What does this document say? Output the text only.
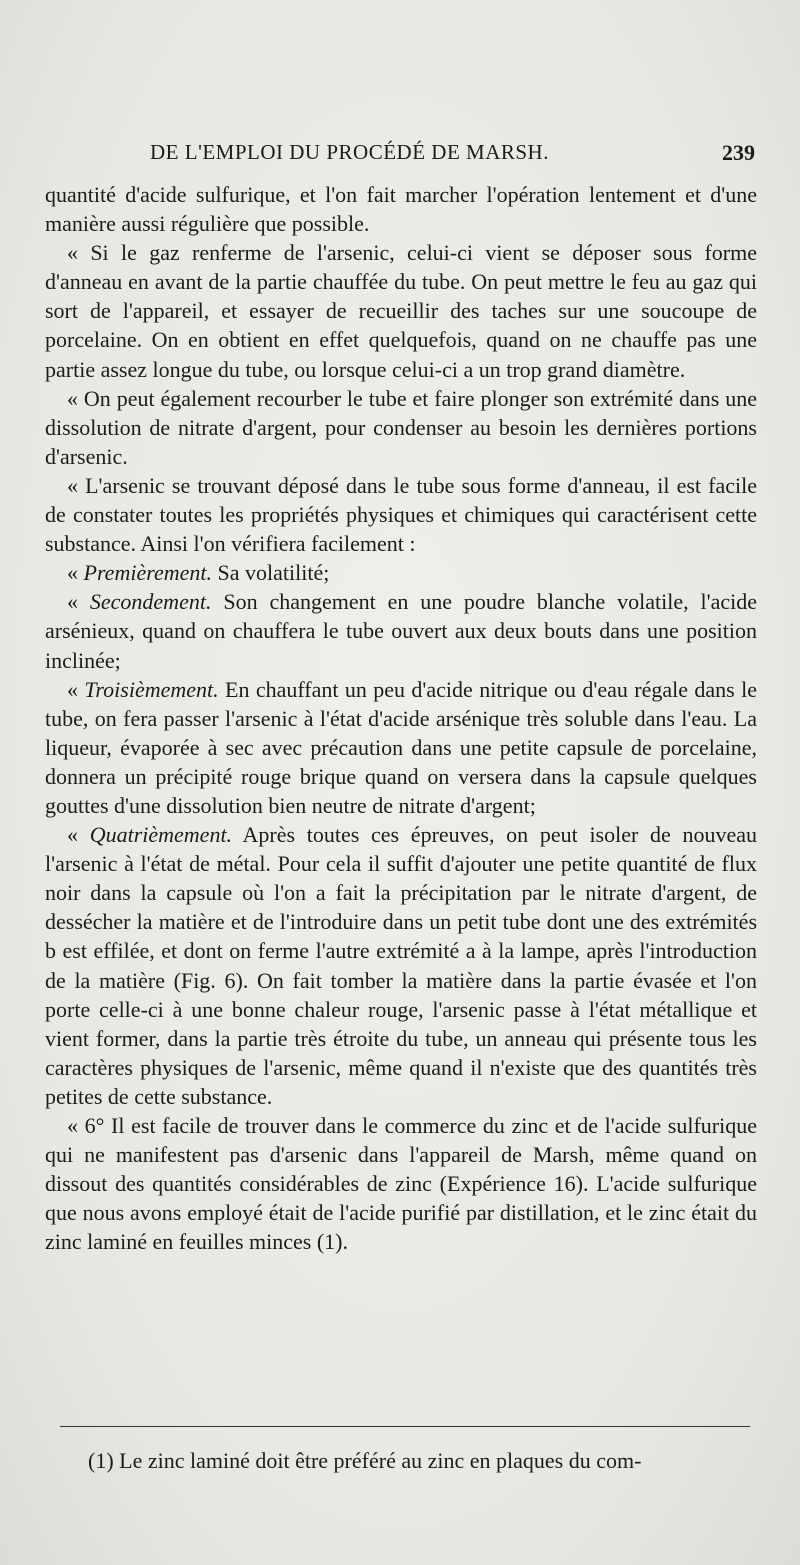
DE L'EMPLOI DU PROCÉDÉ DE MARSH.	239

quantité d'acide sulfurique, et l'on fait marcher l'opération lentement et d'une manière aussi régulière que possible.

« Si le gaz renferme de l'arsenic, celui-ci vient se déposer sous forme d'anneau en avant de la partie chauffée du tube. On peut mettre le feu au gaz qui sort de l'appareil, et essayer de recueillir des taches sur une soucoupe de porcelaine. On en obtient en effet quelquefois, quand on ne chauffe pas une partie assez longue du tube, ou lorsque celui-ci a un trop grand diamètre.

« On peut également recourber le tube et faire plonger son extrémité dans une dissolution de nitrate d'argent, pour condenser au besoin les dernières portions d'arsenic.

« L'arsenic se trouvant déposé dans le tube sous forme d'anneau, il est facile de constater toutes les propriétés physiques et chimiques qui caractérisent cette substance. Ainsi l'on vérifiera facilement :

« Premièrement. Sa volatilité;

« Secondement. Son changement en une poudre blanche volatile, l'acide arsénieux, quand on chauffera le tube ouvert aux deux bouts dans une position inclinée;

« Troisièmement. En chauffant un peu d'acide nitrique ou d'eau régale dans le tube, on fera passer l'arsenic à l'état d'acide arsénique très soluble dans l'eau. La liqueur, évaporée à sec avec précaution dans une petite capsule de porcelaine, donnera un précipité rouge brique quand on versera dans la capsule quelques gouttes d'une dissolution bien neutre de nitrate d'argent;

« Quatrièmement. Après toutes ces épreuves, on peut isoler de nouveau l'arsenic à l'état de métal. Pour cela il suffit d'ajouter une petite quantité de flux noir dans la capsule où l'on a fait la précipitation par le nitrate d'argent, de dessécher la matière et de l'introduire dans un petit tube dont une des extrémités b est effilée, et dont on ferme l'autre extrémité a à la lampe, après l'introduction de la matière (Fig. 6). On fait tomber la matière dans la partie évasée et l'on porte celle-ci à une bonne chaleur rouge, l'arsenic passe à l'état métallique et vient former, dans la partie très étroite du tube, un anneau qui présente tous les caractères physiques de l'arsenic, même quand il n'existe que des quantités très petites de cette substance.

« 6° Il est facile de trouver dans le commerce du zinc et de l'acide sulfurique qui ne manifestent pas d'arsenic dans l'appareil de Marsh, même quand on dissout des quantités considérables de zinc (Expérience 16). L'acide sulfurique que nous avons employé était de l'acide purifié par distillation, et le zinc était du zinc laminé en feuilles minces (1).

(1) Le zinc laminé doit être préféré au zinc en plaques du com-
